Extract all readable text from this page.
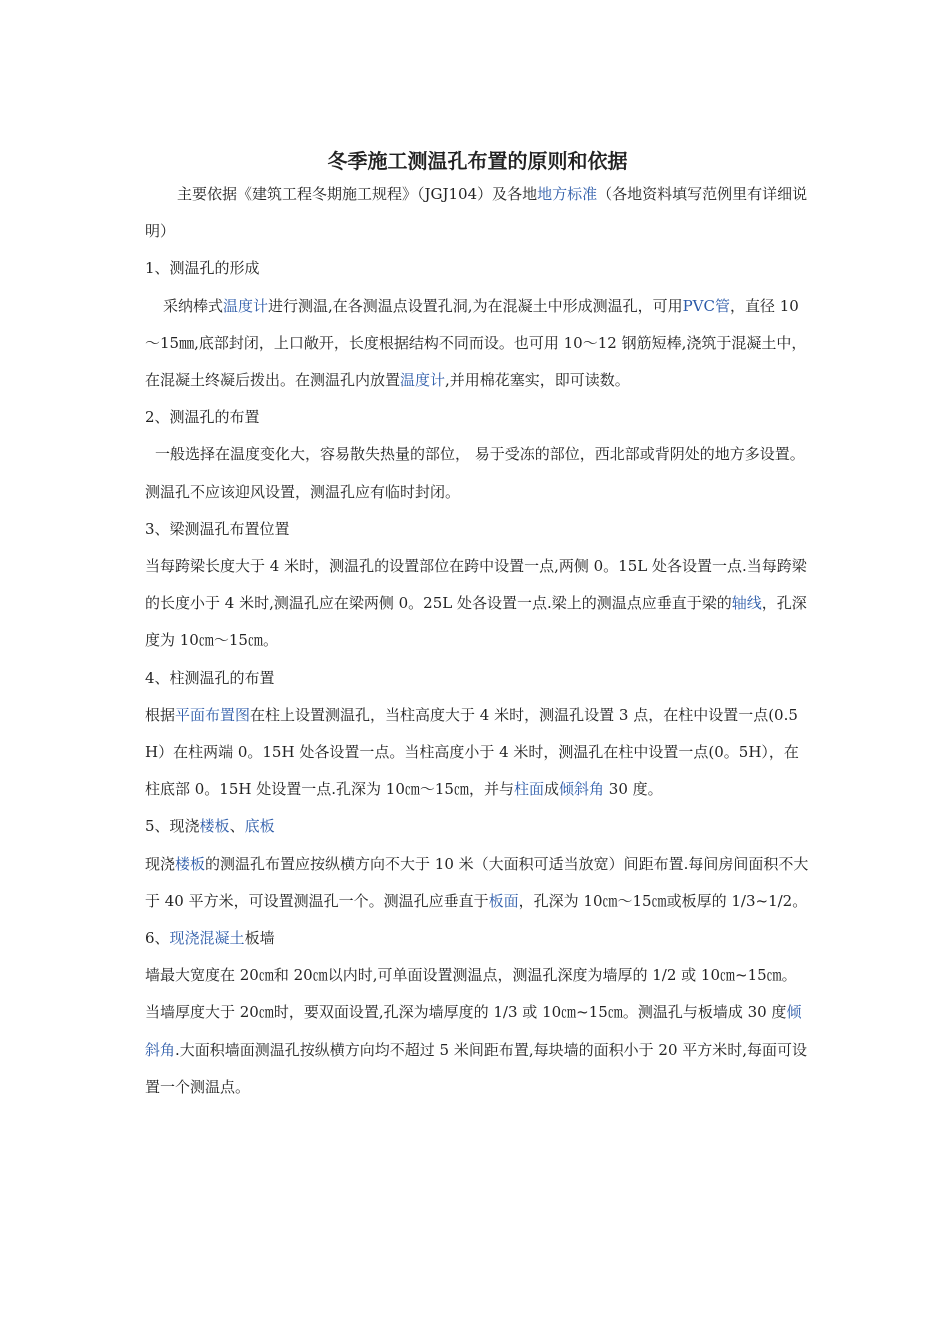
冬季施工测温孔布置的原则和依据

主要依据《建筑工程冬期施工规程》（JGJ104）及各地地方标准（各地资料填写范例里有详细说明）

1、测温孔的形成

采纳棒式温度计进行测温,在各测温点设置孔洞,为在混凝土中形成测温孔，可用PVC管，直径 10～15㎜,底部封闭，上口敞开，长度根据结构不同而设。也可用 10～12 钢筋短棒,浇筑于混凝土中，在混凝土终凝后拨出。在测温孔内放置温度计,并用棉花塞实，即可读数。

2、测温孔的布置

一般选择在温度变化大，容易散失热量的部位， 易于受冻的部位，西北部或背阴处的地方多设置。测温孔不应该迎风设置，测温孔应有临时封闭。

3、梁测温孔布置位置

当每跨梁长度大于 4 米时，测温孔的设置部位在跨中设置一点,两侧 0。15L 处各设置一点.当每跨梁的长度小于 4 米时,测温孔应在梁两侧 0。25L 处各设置一点.梁上的测温点应垂直于梁的轴线，孔深度为 10㎝～15㎝。

4、柱测温孔的布置

根据平面布置图在柱上设置测温孔，当柱高度大于 4 米时，测温孔设置 3 点，在柱中设置一点(0.5H）在柱两端 0。15H 处各设置一点。当柱高度小于 4 米时，测温孔在柱中设置一点(0。5H），在柱底部 0。15H 处设置一点.孔深为 10㎝～15㎝，并与柱面成倾斜角 30 度。

5、现浇楼板、底板

现浇楼板的测温孔布置应按纵横方向不大于 10 米（大面积可适当放宽）间距布置.每间房间面积不大于 40 平方米，可设置测温孔一个。测温孔应垂直于板面，孔深为 10㎝～15㎝或板厚的 1/3~1/2。

6、现浇混凝土板墙

墙最大宽度在 20㎝和 20㎝以内时,可单面设置测温点，测温孔深度为墙厚的 1/2 或 10㎝~15㎝。当墙厚度大于 20㎝时，要双面设置,孔深为墙厚度的 1/3 或 10㎝~15㎝。测温孔与板墙成 30 度倾斜角.大面积墙面测温孔按纵横方向均不超过 5 米间距布置,每块墙的面积小于 20 平方米时,每面可设置一个测温点。
